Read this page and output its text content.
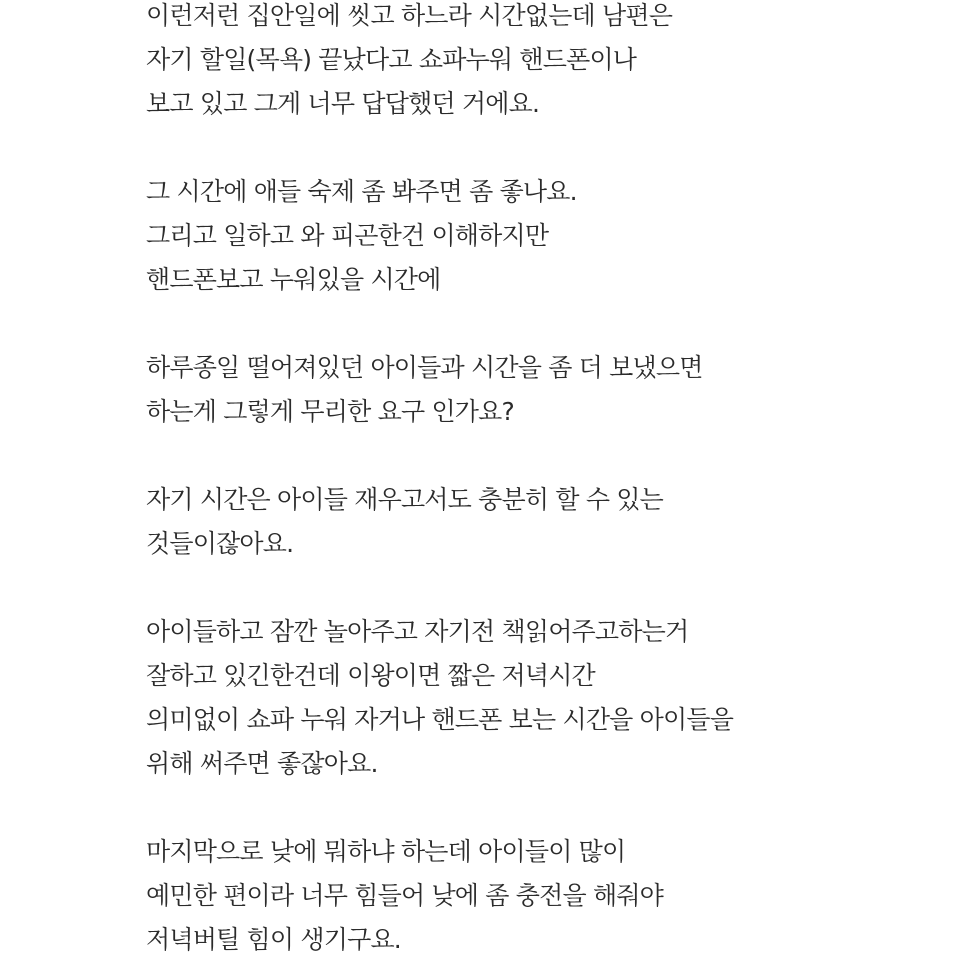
이런저런 집안일에 씻고 하느라 시간없는데 남편은
자기 할일(목욕) 끝났다고 쇼파누워 핸드폰이나
보고 있고 그게 너무 답답했던 거에요.
그 시간에 애들 숙제 좀 봐주면 좀 좋나요.
그리고 일하고 와 피곤한건 이해하지만
핸드폰보고 누워있을 시간에
하루종일 떨어져있던 아이들과 시간을 좀 더 보냈으면
하는게 그렇게 무리한 요구 인가요?
자기 시간은 아이들 재우고서도 충분히 할 수 있는
것들이잖아요.
아이들하고 잠깐 놀아주고 자기전 책읽어주고하는거
잘하고 있긴한건데 이왕이면 짧은 저녁시간
의미없이 쇼파 누워 자거나 핸드폰 보는 시간을 아이들을
위해 써주면 좋잖아요.
마지막으로 낮에 뭐하냐 하는데 아이들이 많이
예민한 편이라 너무 힘들어 낮에 좀 충전을 해줘야
저녁버틸 힘이 생기구요.
